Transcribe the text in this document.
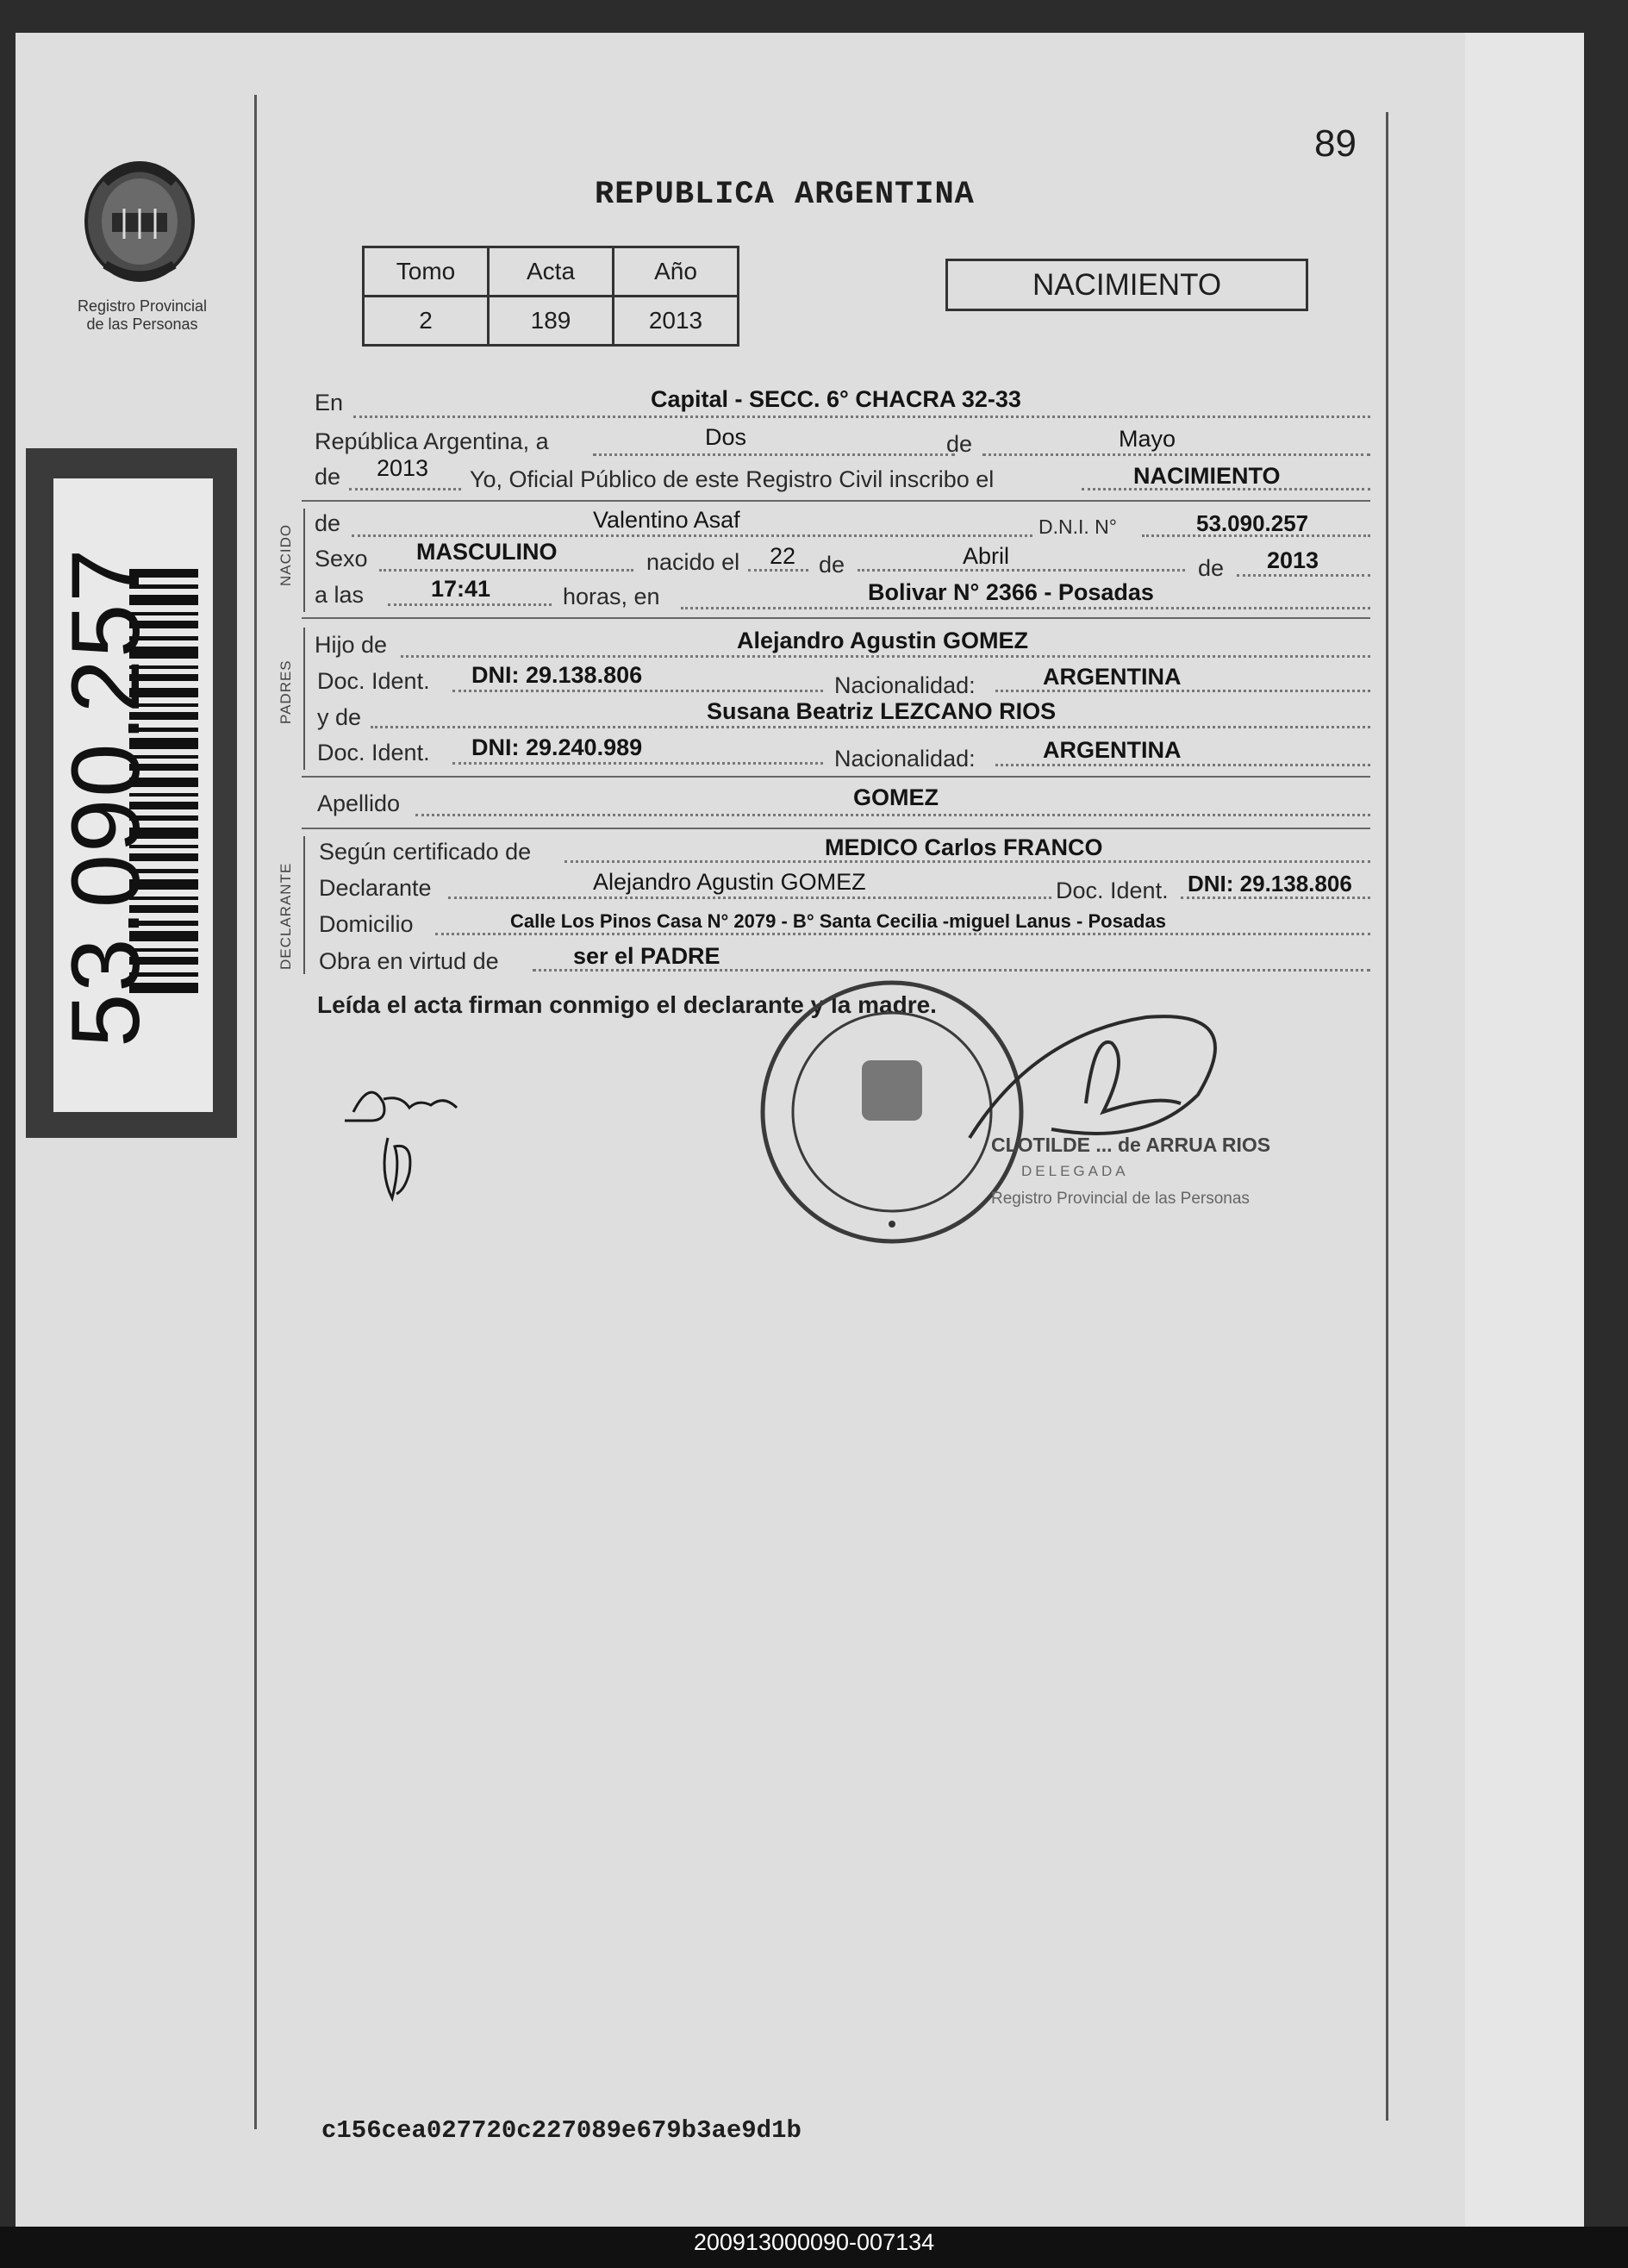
Registro Provincial
de las Personas
53.090.257
89
REPUBLICA ARGENTINA
Tomo	Acta	Año
2	189	2013
NACIMIENTO
NACIDO
PADRES
DECLARANTE
En	Capital - SECC. 6° CHACRA 32-33
República Argentina, a	Dos	de	Mayo
de 2013 Yo, Oficial Público de este Registro Civil inscribo el	NACIMIENTO
de	Valentino Asaf	D.N.I. N°	53.090.257
Sexo MASCULINO	nacido el 22 de	Abril	de 2013
a las	17:41	horas, en	Bolivar N° 2366 - Posadas
Hijo de	Alejandro Agustin GOMEZ
Doc. Ident. DNI: 29.138.806	Nacionalidad:	ARGENTINA
y de	Susana Beatriz LEZCANO RIOS
Doc. Ident. DNI: 29.240.989	Nacionalidad:	ARGENTINA
Apellido	GOMEZ
Según certificado de	MEDICO Carlos FRANCO
Declarante	Alejandro Agustin GOMEZ	Doc. Ident. DNI: 29.138.806
Domicilio	Calle Los Pinos Casa N° 2079 - B° Santa Cecilia -miguel Lanus - Posadas
Obra en virtud de	ser el PADRE
Leída el acta firman conmigo el declarante y la madre.
CLOTILDE ... de ARRUA RIOS
DELEGADA
Registro Provincial de las Personas
c156cea027720c227089e679b3ae9d1b
200913000090-007134
